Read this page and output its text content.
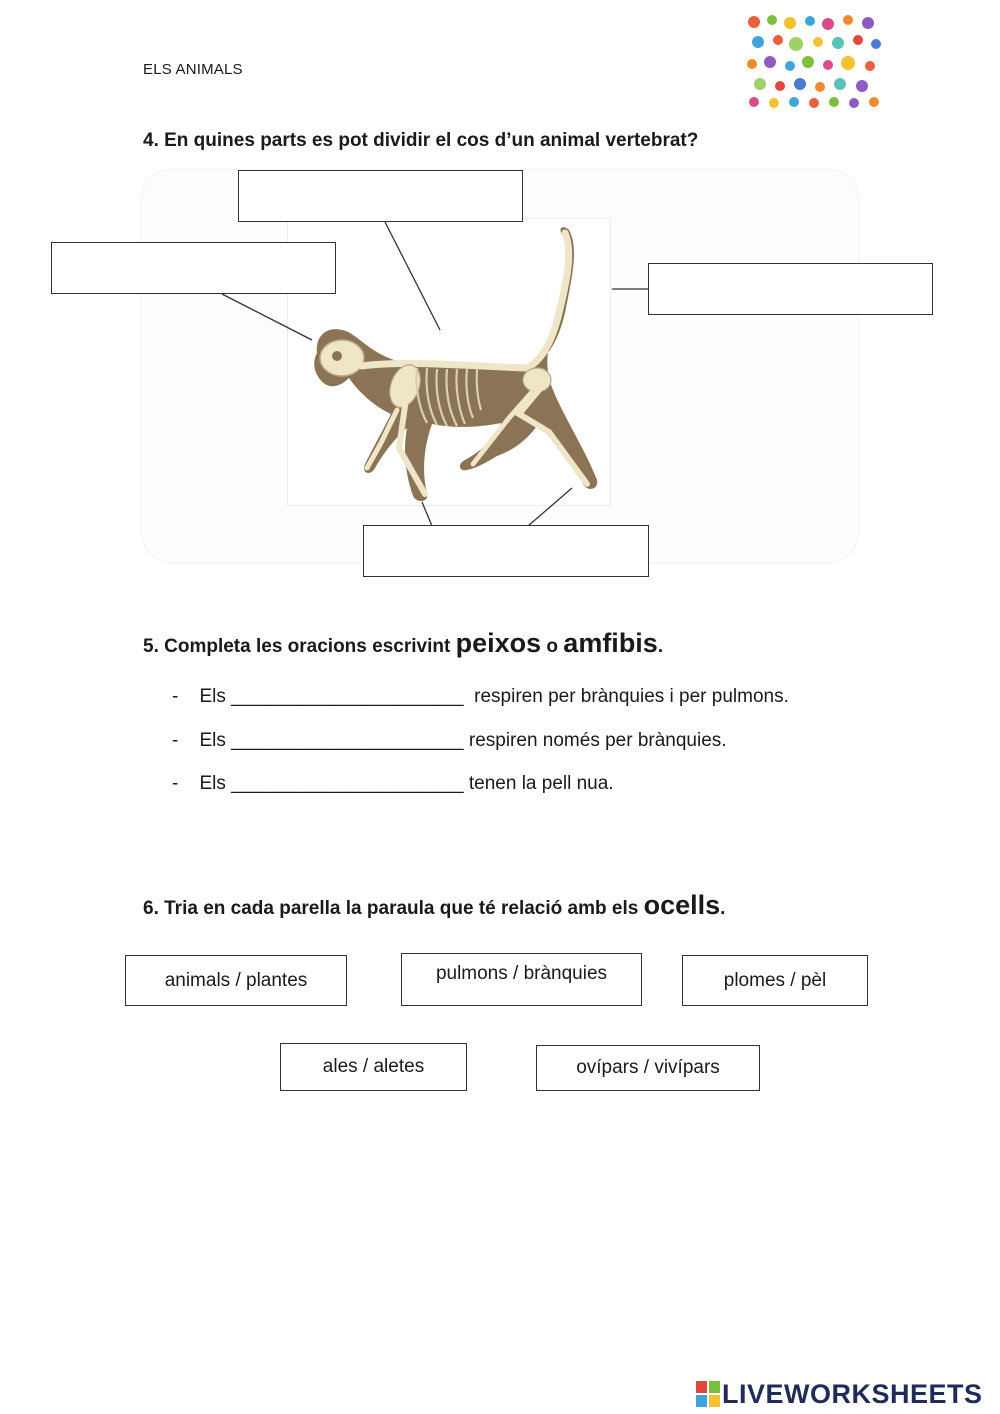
ELS ANIMALS
4. En quines parts es pot dividir el cos d’un animal vertebrat?
5. Completa les oracions escrivint peixos o amfibis.
-    Els ______________________  respiren per brànquies i per pulmons.
-    Els ______________________ respiren només per brànquies.
-    Els ______________________ tenen la pell nua.
6. Tria en cada parella la paraula que té relació amb els ocells.
animals / plantes	pulmons / brànquies	plomes / pèl
ales / aletes	ovípars / vivípars
LIVEWORKSHEETS
